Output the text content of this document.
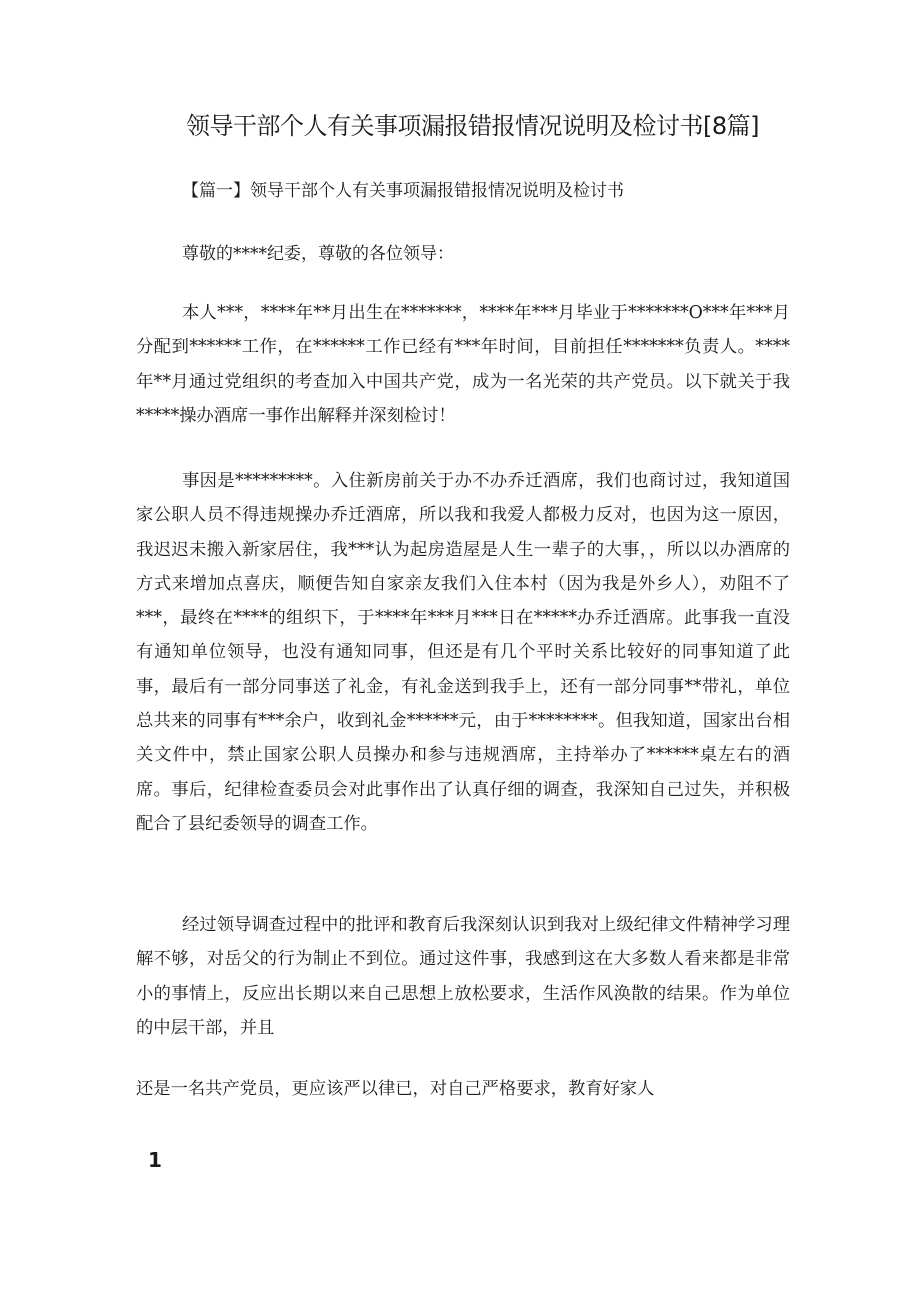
领导干部个人有关事项漏报错报情况说明及检讨书[8篇]
【篇一】领导干部个人有关事项漏报错报情况说明及检讨书
尊敬的****纪委，尊敬的各位领导：

本人***，****年**月出生在*******，****年***月毕业于*******O***年***月分配到******工作，在******工作已经有***年时间，目前担任*******负责人。****年**月通过党组织的考查加入中国共产党，成为一名光荣的共产党员。以下就关于我*****操办酒席一事作出解释并深刻检讨！

事因是*********。入住新房前关于办不办乔迁酒席，我们也商讨过，我知道国家公职人员不得违规操办乔迁酒席，所以我和我爱人都极力反对，也因为这一原因，我迟迟未搬入新家居住，我***认为起房造屋是人生一辈子的大事，，所以以办酒席的方式来增加点喜庆，顺便告知自家亲友我们入住本村（因为我是外乡人），劝阻不了***，最终在****的组织下，于****年***月***日在*****办乔迁酒席。此事我一直没有通知单位领导，也没有通知同事，但还是有几个平时关系比较好的同事知道了此事，最后有一部分同事送了礼金，有礼金送到我手上，还有一部分同事**带礼，单位总共来的同事有***余户，收到礼金******元，由于********。但我知道，国家出台相关文件中，禁止国家公职人员操办和参与违规酒席，主持举办了******桌左右的酒席。事后，纪律检查委员会对此事作出了认真仔细的调查，我深知自己过失，并积极配合了县纪委领导的调查工作。

经过领导调查过程中的批评和教育后我深刻认识到我对上级纪律文件精神学习理解不够，对岳父的行为制止不到位。通过这件事，我感到这在大多数人看来都是非常小的事情上，反应出长期以来自己思想上放松要求，生活作风涣散的结果。作为单位的中层干部，并且

还是一名共产党员，更应该严以律已，对自己严格要求，教育好家人

1
